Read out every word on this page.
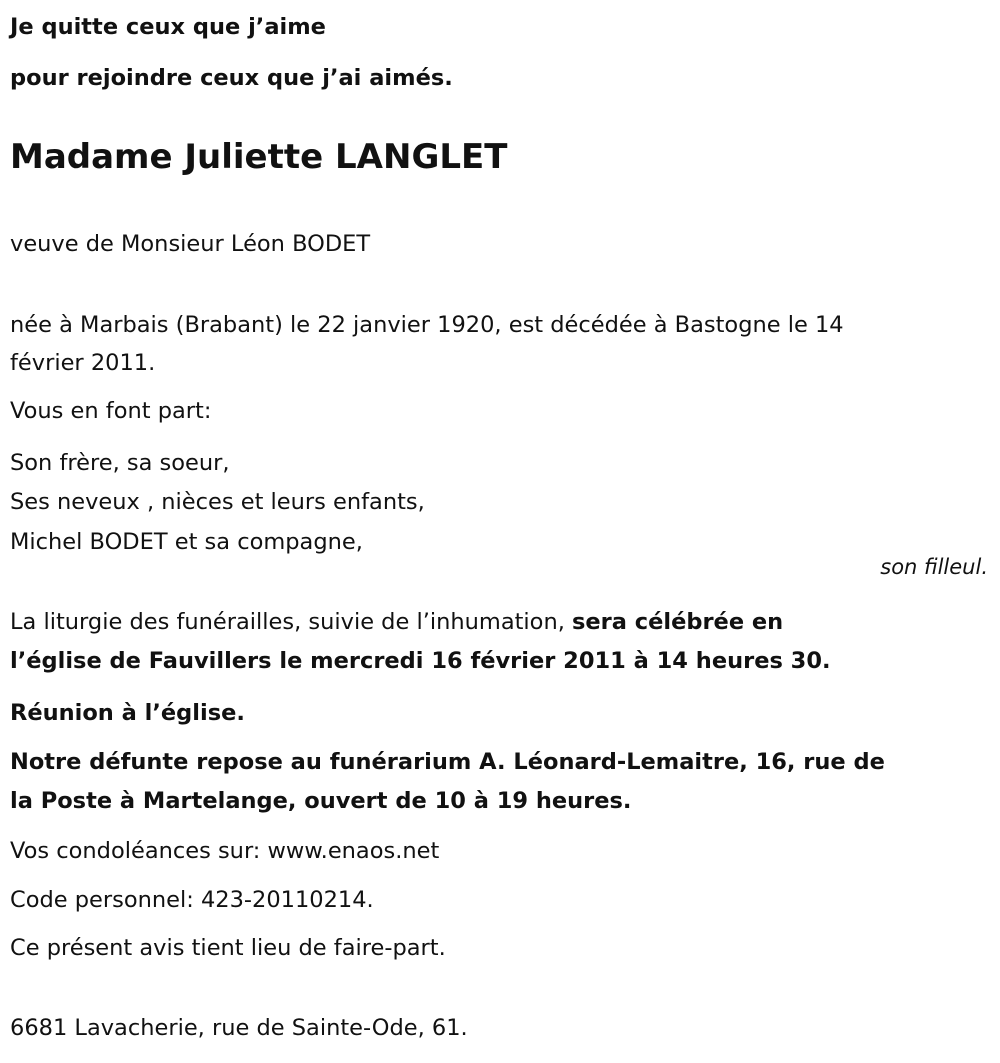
Je quitte ceux que j’aime
pour rejoindre ceux que j’ai aimés.
Madame Juliette LANGLET
veuve de Monsieur Léon BODET
née à Marbais (Brabant) le 22 janvier 1920, est décédée à Bastogne le 14
février 2011.
Vous en font part:
Son frère, sa soeur,
Ses neveux , nièces et leurs enfants,
Michel BODET et sa compagne,
son filleul.
La liturgie des funérailles, suivie de l’inhumation, sera célébrée en
l’église de Fauvillers le mercredi 16 février 2011 à 14 heures 30.
Réunion à l’église.
Notre défunte repose au funérarium A. Léonard-Lemaitre, 16, rue de
la Poste à Martelange, ouvert de 10 à 19 heures.
Vos condoléances sur: www.enaos.net
Code personnel: 423-20110214.
Ce présent avis tient lieu de faire-part.
6681 Lavacherie, rue de Sainte-Ode, 61.
